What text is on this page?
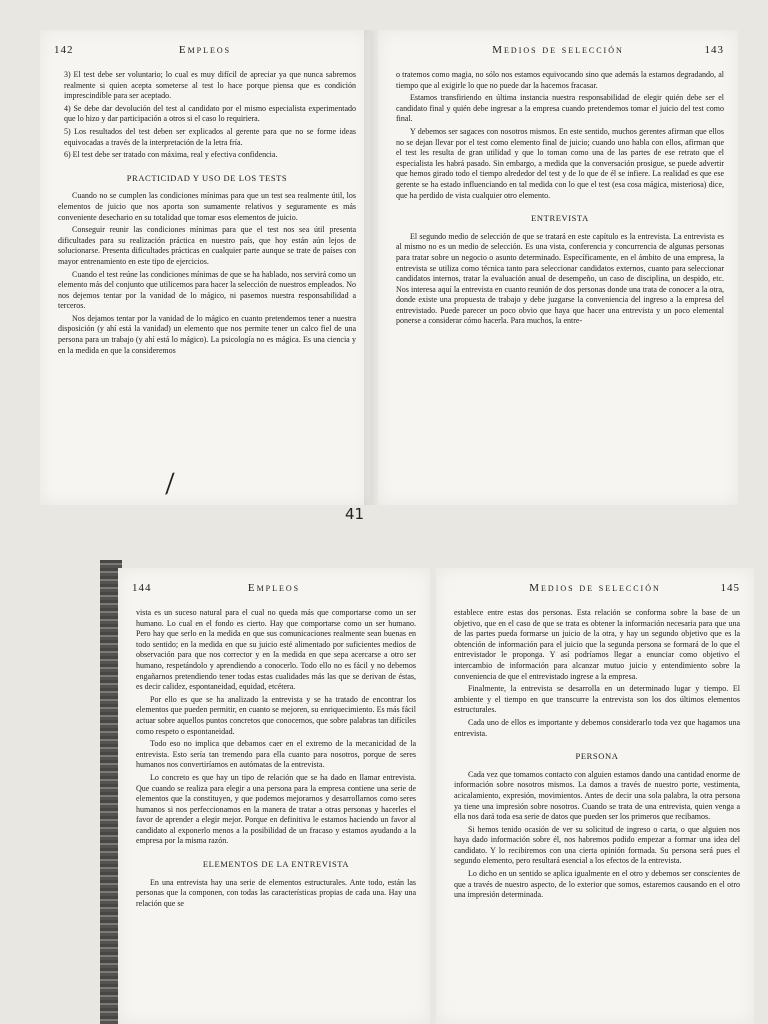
142	Empleos
3) El test debe ser voluntario; lo cual es muy difícil de apreciar ya que nunca sabremos realmente si quien acepta someterse al test lo hace porque piensa que es condición imprescindible para ser aceptado.
4) Se debe dar devolución del test al candidato por el mismo especialista experimentado que lo hizo y dar participación a otros si el caso lo requiriera.
5) Los resultados del test deben ser explicados al gerente para que no se forme ideas equivocadas a través de la interpretación de la letra fría.
6) El test debe ser tratado con máxima, real y efectiva confidencia.
PRACTICIDAD Y USO DE LOS TESTS

Cuando no se cumplen las condiciones mínimas para que un test sea realmente útil, los elementos de juicio que nos aporta son sumamente relativos y seguramente es más conveniente desechario en su totalidad que tomar esos elementos de juicio.

Conseguir reunir las condiciones mínimas para que el test nos sea útil presenta dificultades para su realización práctica en nuestro país, que hoy están aún lejos de solucionarse. Presenta dificultades prácticas en cualquier parte aunque se trate de países con mayor entrenamiento en este tipo de ejercicios.

Cuando el test reúne las condiciones mínimas de que se ha hablado, nos servirá como un elemento más del conjunto que utilicemos para hacer la selección de nuestros empleados. No nos dejemos tentar por la vanidad de lo mágico, ni pasemos nuestra responsabilidad a terceros.

Nos dejamos tentar por la vanidad de lo mágico en cuanto pretendemos tener a nuestra disposición (y ahí está la vanidad) un elemento que nos permite tener un calco fiel de una persona para un trabajo (y ahí está lo mágico). La psicología no es mágica. Es una ciencia y en la medida en que la consideremos

Medios de selección	143

o tratemos como magia, no sólo nos estamos equivocando sino que además la estamos degradando, al tiempo que al exigirle lo que no puede dar la hacemos fracasar.

Estamos transfiriendo en última instancia nuestra responsabilidad de elegir quién debe ser el candidato final y quién debe ingresar a la empresa cuando pretendemos tomar el juicio del test como final.

Y debemos ser sagaces con nosotros mismos. En este sentido, muchos gerentes afirman que ellos no se dejan llevar por el test como elemento final de juicio; cuando uno habla con ellos, afirman que el test les resulta de gran utilidad y que lo toman como una de las partes de ese retrato que el especialista les habrá pasado. Sin embargo, a medida que la conversación prosigue, se puede advertir que hemos girado todo el tiempo alrededor del test y de lo que de él se infiere. La realidad es que ese gerente se ha estado influenciando en tal medida con lo que el test (esa cosa mágica, misteriosa) dice, que ha perdido de vista cualquier otro elemento.

ENTREVISTA

El segundo medio de selección de que se tratará en este capítulo es la entrevista. La entrevista es al mismo no es un medio de selección. Es una vista, conferencia y concurrencia de algunas personas para tratar sobre un negocio o asunto determinado. Específicamente, en el ámbito de una empresa, la entrevista se utiliza como técnica tanto para seleccionar candidatos externos, cuanto para seleccionar candidatos internos, tratar la evaluación anual de desempeño, un caso de disciplina, un despido, etc. Nos interesa aquí la entrevista en cuanto reunión de dos personas donde una trata de conocer a la otra, donde existe una propuesta de trabajo y debe juzgarse la conveniencia del ingreso a la empresa del entrevistado. Puede parecer un poco obvio que haya que hacer una entrevista y un poco elemental ponerse a considerar cómo hacerla. Para muchos, la entre-

⁄
41
144	Empleos

vista es un suceso natural para el cual no queda más que comportarse como un ser humano. Lo cual en el fondo es cierto. Hay que comportarse como un ser humano. Pero hay que serlo en la medida en que sus comunicaciones realmente sean buenas en todo sentido; en la medida en que su juicio esté alimentado por suficientes medios de observación para que nos corrector y en la medida en que sepa acercarse a otro ser humano, respetándolo y aprendiendo a conocerlo. Todo ello no es fácil y no debemos engañarnos pretendiendo tener todas estas cualidades más las que se derivan de éstas, es decir calidez, espontaneidad, equidad, etcétera.

Por ello es que se ha analizado la entrevista y se ha tratado de encontrar los elementos que pueden permitir, en cuanto se mejoren, su enriquecimiento. Es más fácil actuar sobre aquellos puntos concretos que conocemos, que sobre palabras tan difíciles como respeto o espontaneidad.

Todo eso no implica que debamos caer en el extremo de la mecanicidad de la entrevista. Esto sería tan tremendo para ella cuanto para nosotros, porque de seres humanos nos convertiríamos en autómatas de la entrevista.

Lo concreto es que hay un tipo de relación que se ha dado en llamar entrevista. Que cuando se realiza para elegir a una persona para la empresa contiene una serie de elementos que la constituyen, y que podemos mejorarnos y desarrollarnos como seres humanos si nos perfeccionamos en la manera de tratar a otras personas y hacerles el favor de aprender a elegir mejor. Porque en definitiva le estamos haciendo un favor al candidato al exponerlo menos a la posibilidad de un fracaso y estamos ayudando a la empresa por la misma razón.

ELEMENTOS DE LA ENTREVISTA

En una entrevista hay una serie de elementos estructurales. Ante todo, están las personas que la componen, con todas las características propias de cada una. Hay una relación que se

Medios de selección	145

establece entre estas dos personas. Esta relación se conforma sobre la base de un objetivo, que en el caso de que se trata es obtener la información necesaria para que una de las partes pueda formarse un juicio de la otra, y hay un segundo objetivo que es la obtención de información para el juicio que la segunda persona se formará de lo que el entrevistador le proponga. Y así podríamos llegar a enunciar como objetivo el intercambio de información para alcanzar mutuo juicio y entendimiento sobre la conveniencia de que el entrevistado ingrese a la empresa.

Finalmente, la entrevista se desarrolla en un determinado lugar y tiempo. El ambiente y el tiempo en que transcurre la entrevista son los dos últimos elementos estructurales.

Cada uno de ellos es importante y debemos considerarlo toda vez que hagamos una entrevista.

PERSONA

Cada vez que tomamos contacto con alguien estamos dando una cantidad enorme de información sobre nosotros mismos. La damos a través de nuestro porte, vestimenta, acicalamiento, expresión, movimientos. Antes de decir una sola palabra, la otra persona ya tiene una impresión sobre nosotros. Cuando se trata de una entrevista, quien venga a ella nos dará toda esa serie de datos que pueden ser los primeros que recibamos.

Si hemos tenido ocasión de ver su solicitud de ingreso o carta, o que alguien nos haya dado información sobre él, nos habremos podido empezar a formar una idea del candidato. Y lo recibiremos con una cierta opinión formada. Su persona será pues el segundo elemento, pero resultará esencial a los efectos de la entrevista.

Lo dicho en un sentido se aplica igualmente en el otro y debemos ser conscientes de que a través de nuestro aspecto, de lo exterior que somos, estaremos causando en el otro una impresión determinada.
